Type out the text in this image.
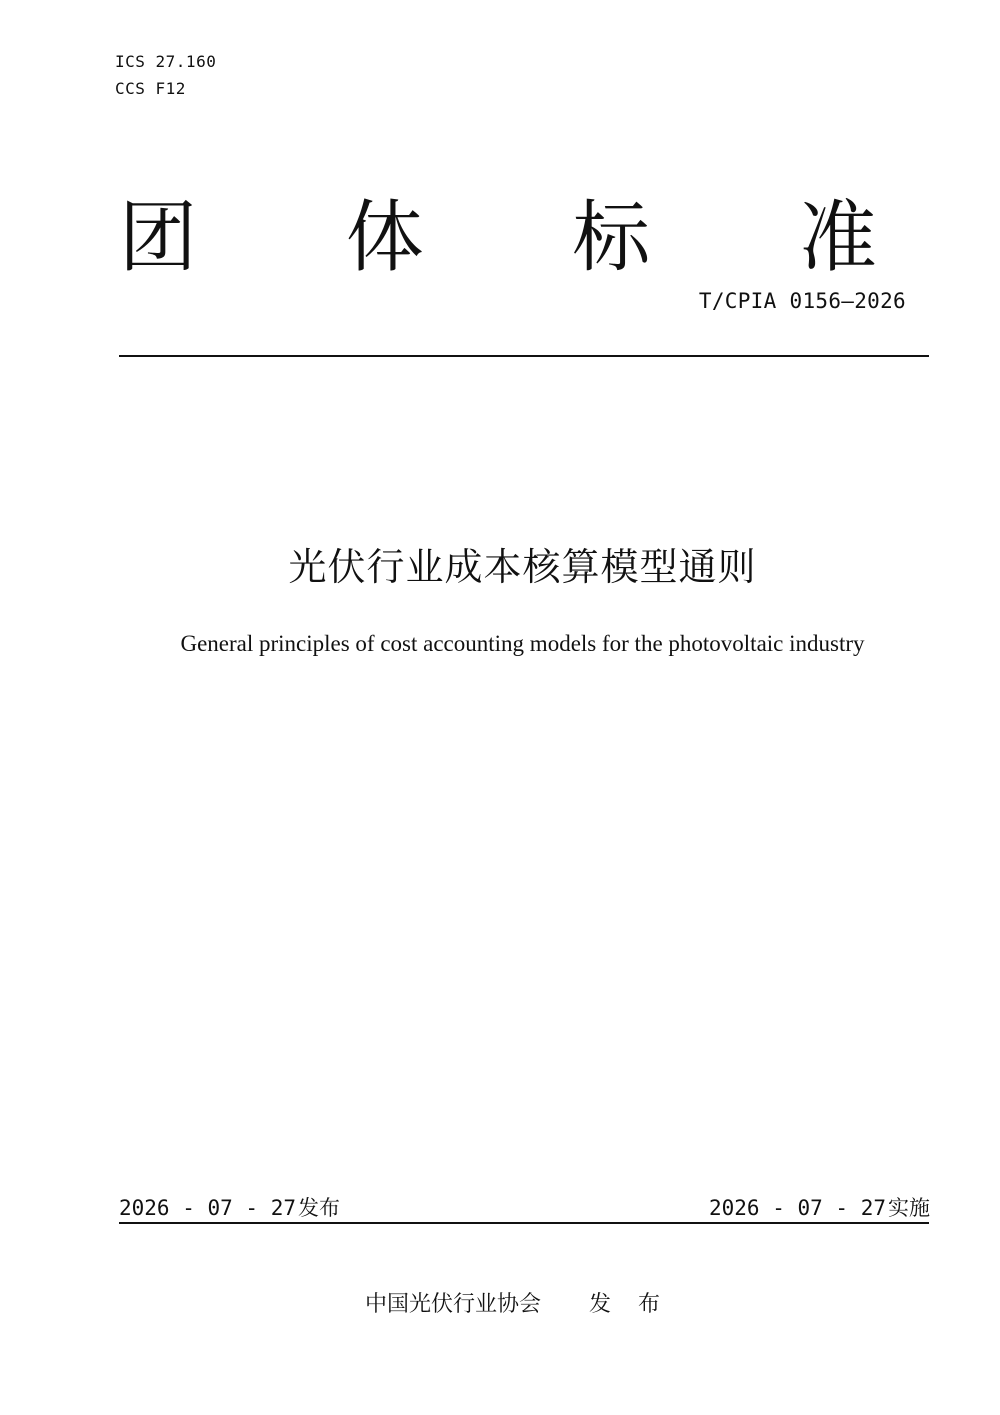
ICS 27.160
CCS F12
团 体 标 准
T/CPIA 0156—2026
光伏行业成本核算模型通则
General principles of cost accounting models for the photovoltaic industry
2026 - 07 - 27发布	2026 - 07 - 27实施
中国光伏行业协会 发 布
